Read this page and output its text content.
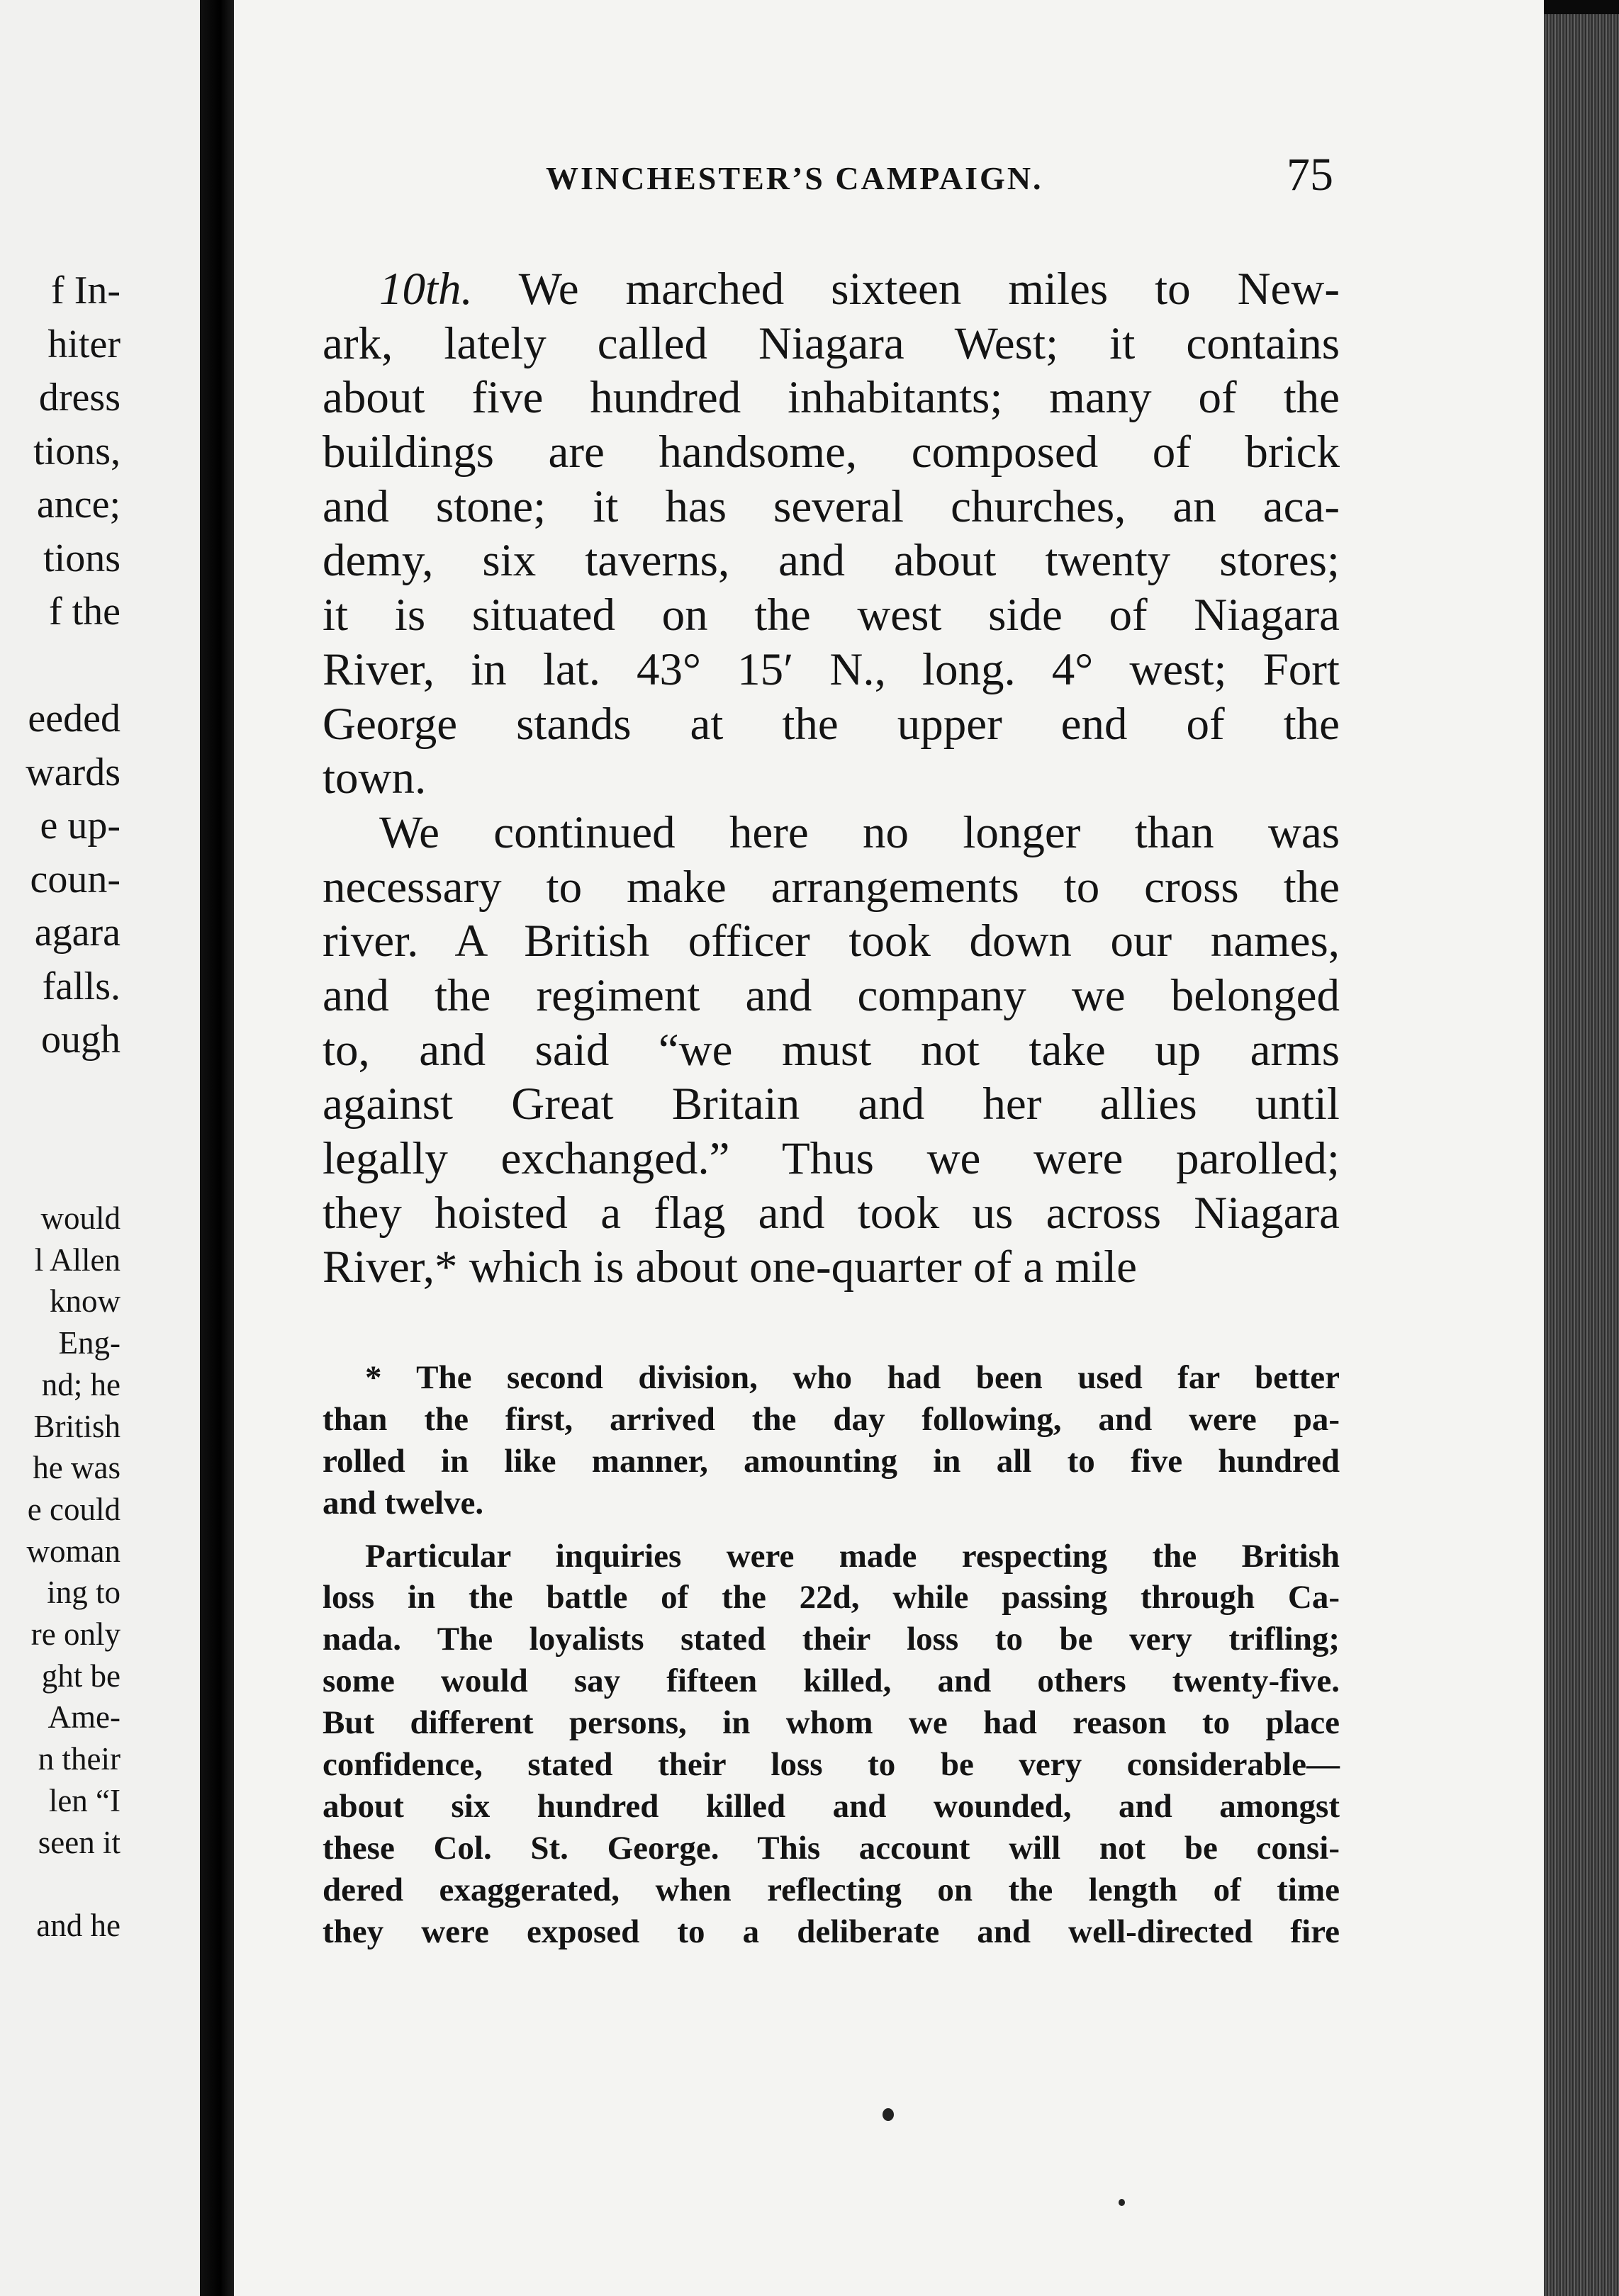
f In-
hiter
dress
tions,
ance;
tions
f the
eeded
wards
e up-
coun-
agara
falls.
ough
would
l Allen
know
Eng-
nd; he
British
he was
e could
woman
ing to
re only
ght be
Ame-
n their
len “I
seen it
and he
WINCHESTER’S CAMPAIGN.	75
10th. We marched sixteen miles to New-
ark, lately called Niagara West; it contains
about five hundred inhabitants; many of the
buildings are handsome, composed of brick
and stone; it has several churches, an aca-
demy, six taverns, and about twenty stores;
it is situated on the west side of Niagara
River, in lat. 43° 15′ N., long. 4° west; Fort
George stands at the upper end of the
town.
We continued here no longer than was
necessary to make arrangements to cross the
river. A British officer took down our names,
and the regiment and company we belonged
to, and said “we must not take up arms
against Great Britain and her allies until
legally exchanged.” Thus we were parolled;
they hoisted a flag and took us across Niagara
River,* which is about one-quarter of a mile
* The second division, who had been used far better
than the first, arrived the day following, and were pa-
rolled in like manner, amounting in all to five hundred
and twelve.
Particular inquiries were made respecting the British
loss in the battle of the 22d, while passing through Ca-
nada. The loyalists stated their loss to be very trifling;
some would say fifteen killed, and others twenty-five.
But different persons, in whom we had reason to place
confidence, stated their loss to be very considerable—
about six hundred killed and wounded, and amongst
these Col. St. George. This account will not be consi-
dered exaggerated, when reflecting on the length of time
they were exposed to a deliberate and well-directed fire
